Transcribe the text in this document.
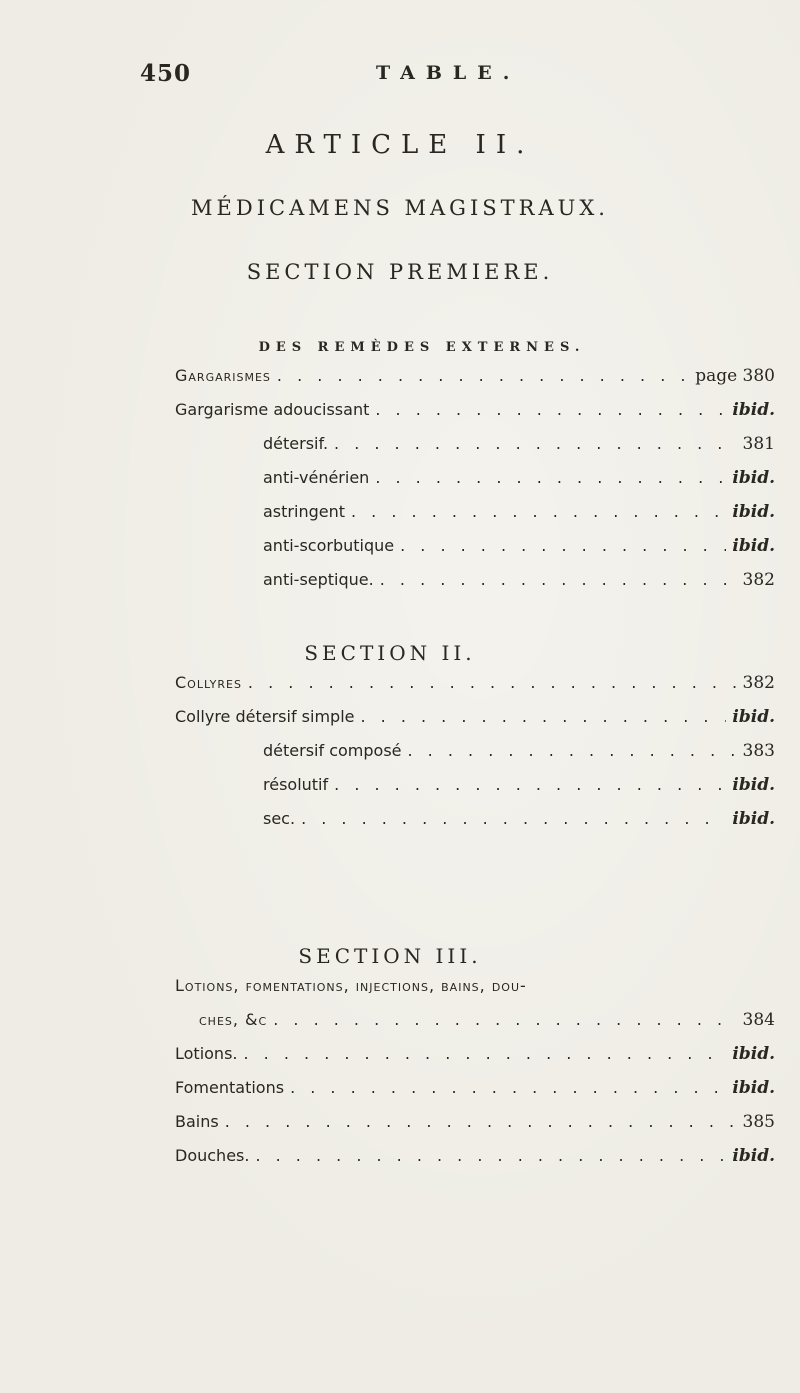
450	TABLE.
ARTICLE II.
MÉDICAMENS MAGISTRAUX.
SECTION PREMIERE.
DES REMÈDES EXTERNES.
Gargarismes . . .	page 380
Gargarisme adoucissant . . .	ibid.
détersif. . . .	381
anti-vénérien . . .	ibid.
astringent . . .	ibid.
anti-scorbutique . . .	ibid.
anti-septique. . . .	382
SECTION II.
Collyres . . .	382
Collyre détersif simple . . .	ibid.
détersif composé . . .	383
résolutif . . .	ibid.
sec. . . .	ibid.
SECTION III.
Lotions, fomentations, injections, bains, dou-
ches, &c . . .	384
Lotions. . . .	ibid.
Fomentations . . .	ibid.
Bains . . .	385
Douches. . . .	ibid.
